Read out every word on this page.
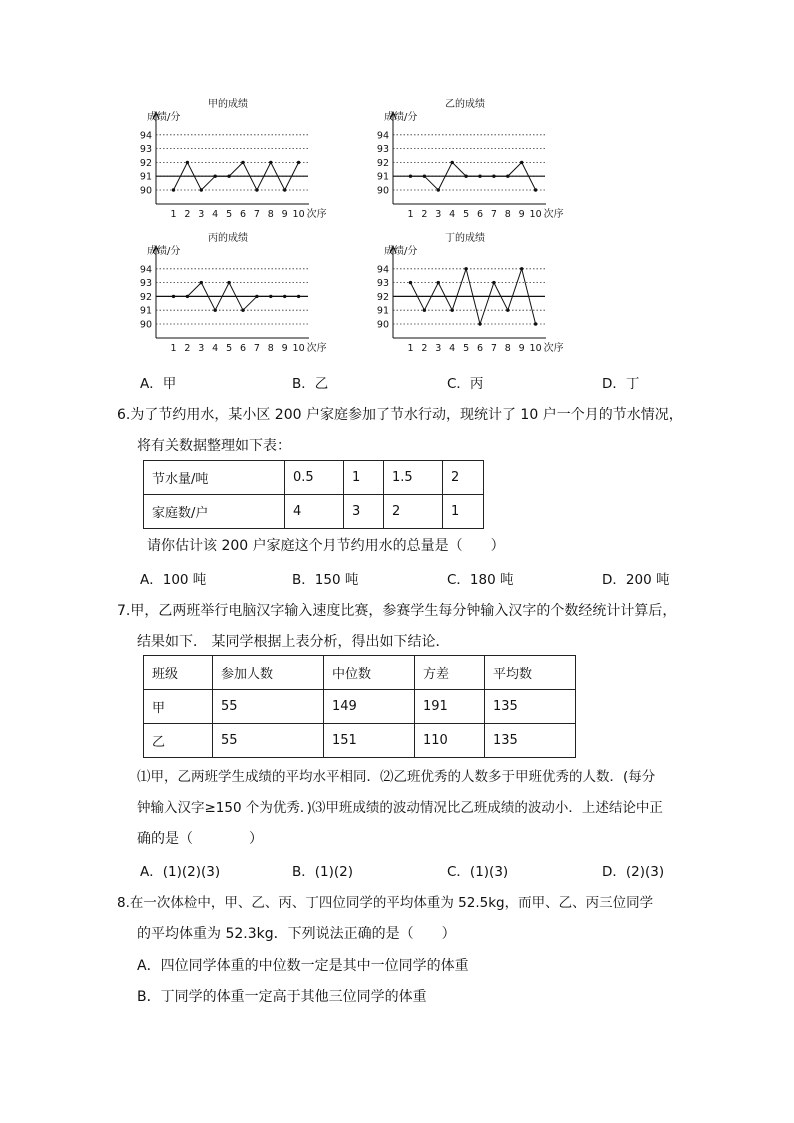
甲的成绩
成绩/分
90
91
92
93
94
1 2 3 4 5 6 7 8 9 10 次序
乙的成绩
成绩/分
90
91
92
93
94
1 2 3 4 5 6 7 8 9 10 次序
丙的成绩
成绩/分
90
91
92
93
94
1 2 3 4 5 6 7 8 9 10 次序
丁的成绩
成绩/分
90
91
92
93
94
1 2 3 4 5 6 7 8 9 10 次序
A．甲	B．乙	C．丙	D．丁
6.为了节约用水，某小区 200 户家庭参加了节水行动，现统计了 10 户一个月的节水情况，
将有关数据整理如下表：
节水量/吨	0.5	1	1.5	2
家庭数/户	4	3	2	1
请你估计该 200 户家庭这个月节约用水的总量是（　　）
A．100 吨	B．150 吨	C．180 吨	D．200 吨
7.甲，乙两班举行电脑汉字输入速度比赛，参赛学生每分钟输入汉字的个数经统计计算后，
结果如下． 某同学根据上表分析，得出如下结论．
班级	参加人数	中位数	方差	平均数
甲	55	149	191	135
乙	55	151	110	135
⑴甲，乙两班学生成绩的平均水平相同．⑵乙班优秀的人数多于甲班优秀的人数．(每分
钟输入汉字≥150 个为优秀．)⑶甲班成绩的波动情况比乙班成绩的波动小．上述结论中正
确的是（　　　　）
A．(1)(2)(3)	B．(1)(2)	C．(1)(3)	D．(2)(3)
8.在一次体检中，甲、乙、丙、丁四位同学的平均体重为 52.5kg，而甲、乙、丙三位同学
的平均体重为 52.3kg．下列说法正确的是（　　）
A．四位同学体重的中位数一定是其中一位同学的体重
B．丁同学的体重一定高于其他三位同学的体重
